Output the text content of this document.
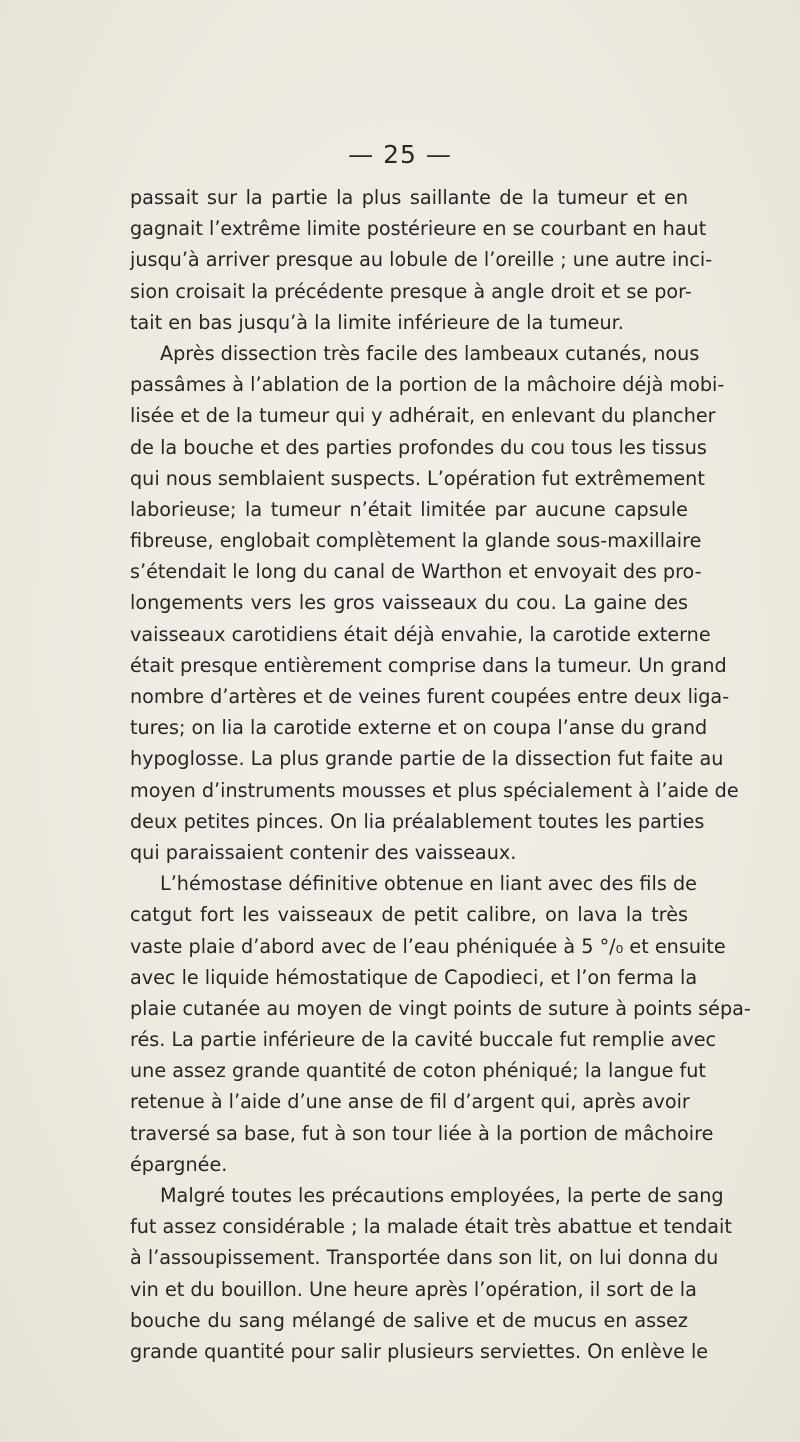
— 25 —
passait sur la partie la plus saillante de la tumeur et en
gagnait l’extrême limite postérieure en se courbant en haut
jusqu’à arriver presque au lobule de l’oreille ; une autre inci-
sion croisait la précédente presque à angle droit et se por-
tait en bas jusqu’à la limite inférieure de la tumeur.
Après dissection très facile des lambeaux cutanés, nous
passâmes à l’ablation de la portion de la mâchoire déjà mobi-
lisée et de la tumeur qui y adhérait, en enlevant du plancher
de la bouche et des parties profondes du cou tous les tissus
qui nous semblaient suspects. L’opération fut extrêmement
laborieuse; la tumeur n’était limitée par aucune capsule
fibreuse, englobait complètement la glande sous-maxillaire
s’étendait le long du canal de Warthon et envoyait des pro-
longements vers les gros vaisseaux du cou. La gaine des
vaisseaux carotidiens était déjà envahie, la carotide externe
était presque entièrement comprise dans la tumeur. Un grand
nombre d’artères et de veines furent coupées entre deux liga-
tures; on lia la carotide externe et on coupa l’anse du grand
hypoglosse. La plus grande partie de la dissection fut faite au
moyen d’instruments mousses et plus spécialement à l’aide de
deux petites pinces. On lia préalablement toutes les parties
qui paraissaient contenir des vaisseaux.
L’hémostase définitive obtenue en liant avec des fils de
catgut fort les vaisseaux de petit calibre, on lava la très
vaste plaie d’abord avec de l’eau phéniquée à 5 °/₀ et ensuite
avec le liquide hémostatique de Capodieci, et l’on ferma la
plaie cutanée au moyen de vingt points de suture à points sépa-
rés. La partie inférieure de la cavité buccale fut remplie avec
une assez grande quantité de coton phéniqué; la langue fut
retenue à l’aide d’une anse de fil d’argent qui, après avoir
traversé sa base, fut à son tour liée à la portion de mâchoire
épargnée.
Malgré toutes les précautions employées, la perte de sang
fut assez considérable ; la malade était très abattue et tendait
à l’assoupissement. Transportée dans son lit, on lui donna du
vin et du bouillon. Une heure après l’opération, il sort de la
bouche du sang mélangé de salive et de mucus en assez
grande quantité pour salir plusieurs serviettes. On enlève le
